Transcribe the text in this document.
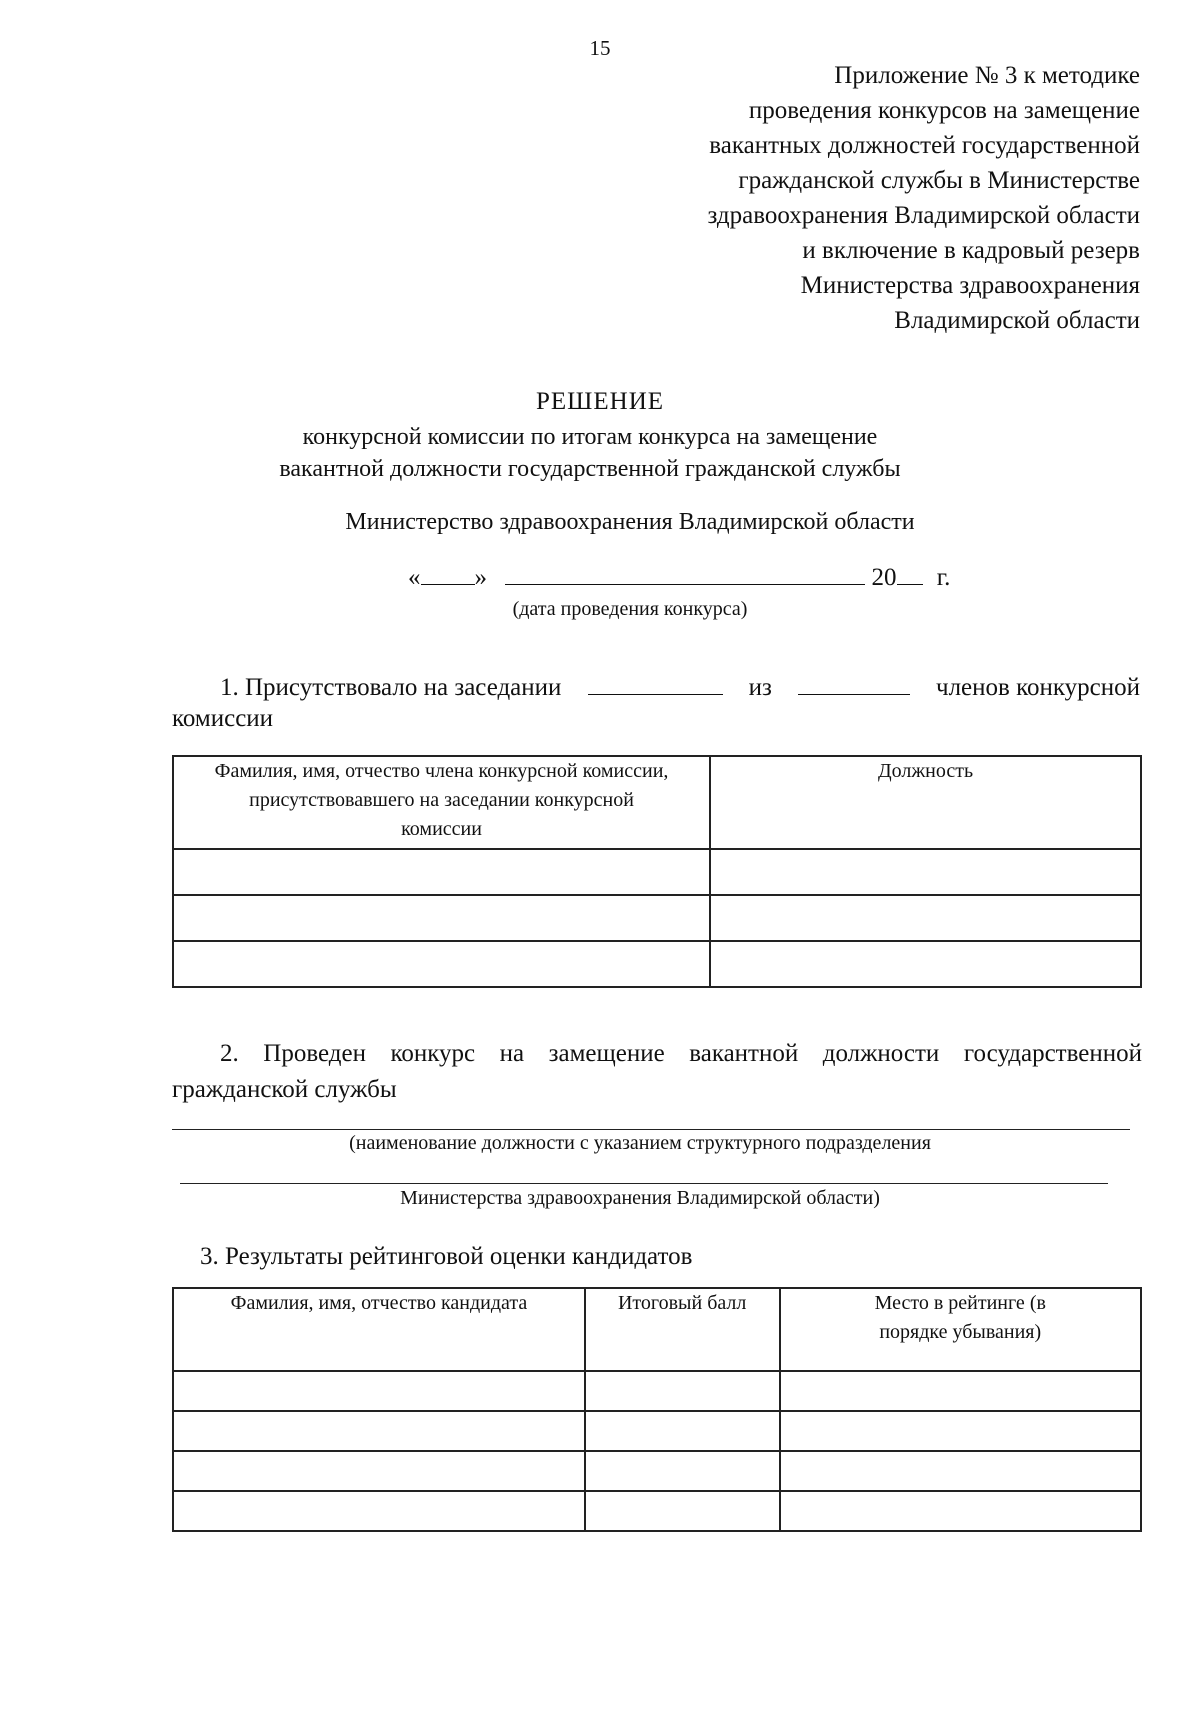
15
Приложение № 3 к методике
проведения конкурсов на замещение
вакантных должностей государственной
гражданской службы в Министерстве
здравоохранения Владимирской области
и включение в кадровый резерв
Министерства здравоохранения
Владимирской области
РЕШЕНИЕ
конкурсной комиссии по итогам конкурса на замещение
вакантной должности государственной гражданской службы
Министерство здравоохранения Владимирской области
« »	20 г.
(дата проведения конкурса)
1. Присутствовало на заседании	из	членов конкурсной
комиссии
Фамилия, имя, отчество члена конкурсной комиссии, присутствовавшего на заседании конкурсной комиссии	Должность

2. Проведен конкурс на замещение вакантной должности государственной
гражданской службы
(наименование должности с указанием структурного подразделения
Министерства здравоохранения Владимирской области)
3. Результаты рейтинговой оценки кандидатов
Фамилия, имя, отчество кандидата	Итоговый балл	Место в рейтинге (в порядке убывания)
